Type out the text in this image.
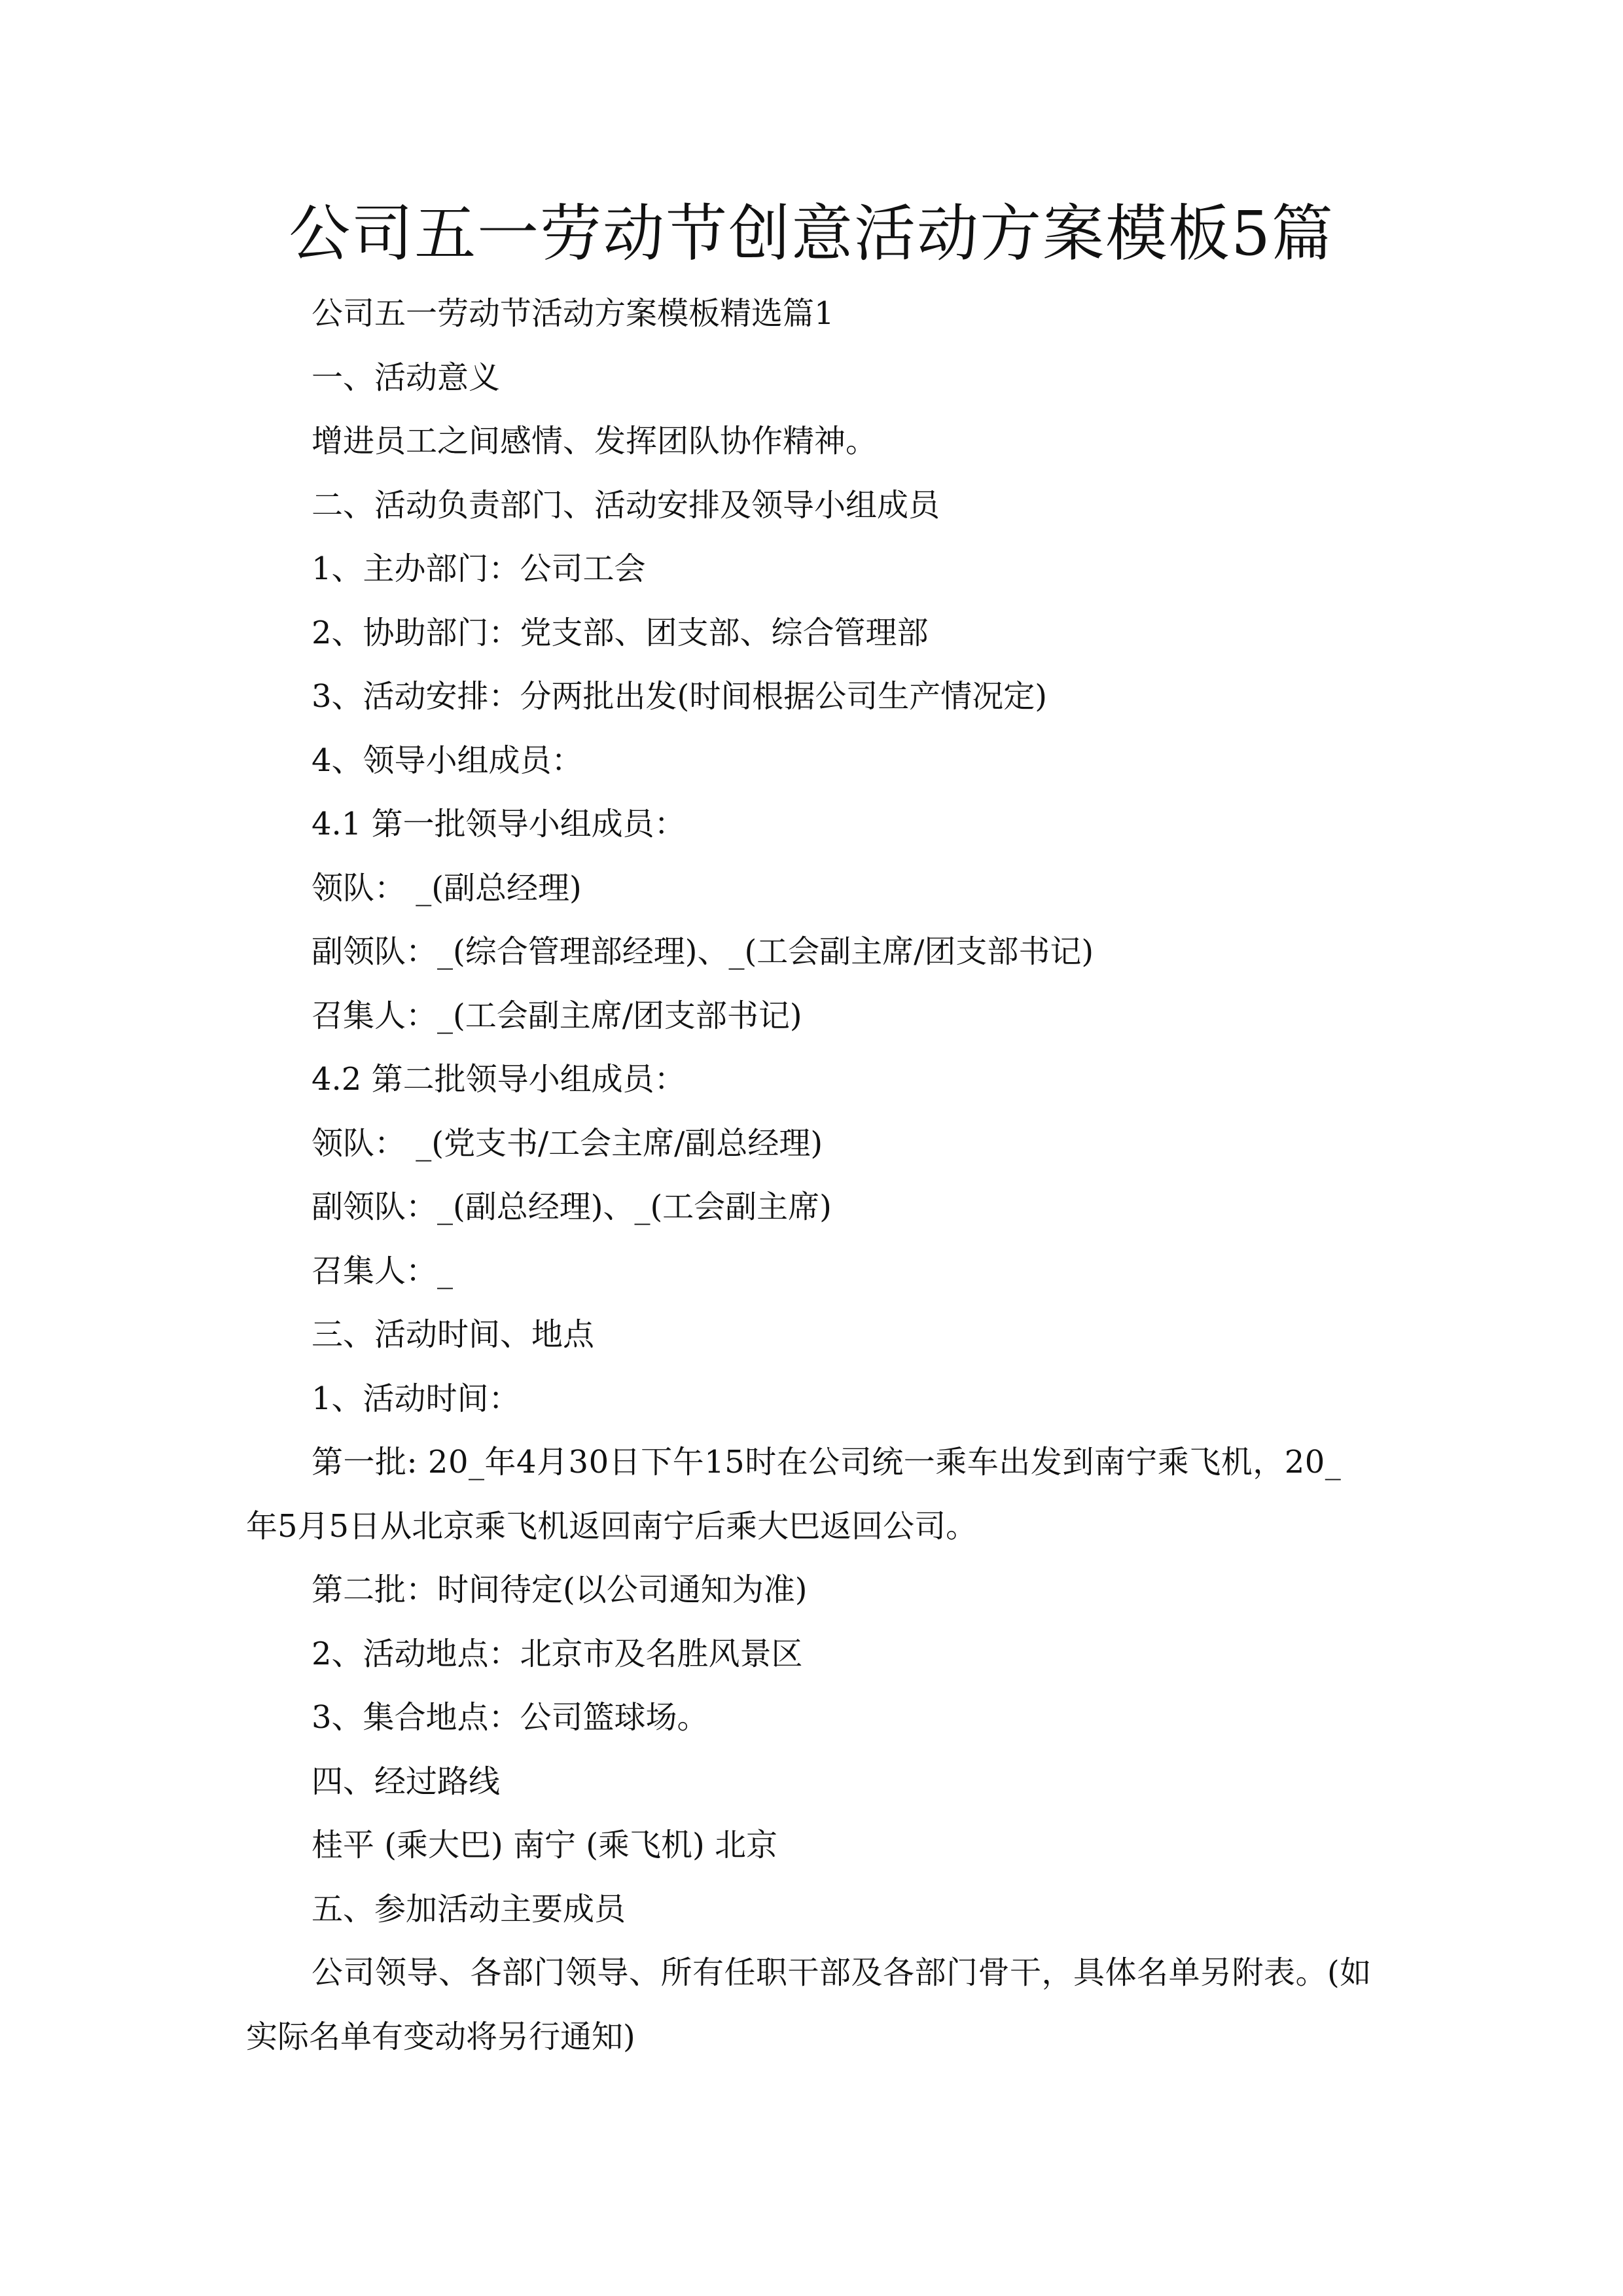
公司五一劳动节创意活动方案模板5篇

公司五一劳动节活动方案模板精选篇1

一、活动意义

增进员工之间感情、发挥团队协作精神。

二、活动负责部门、活动安排及领导小组成员

1、主办部门：公司工会

2、协助部门：党支部、团支部、综合管理部

3、活动安排：分两批出发(时间根据公司生产情况定)

4、领导小组成员：

4.1 第一批领导小组成员：

领队： _(副总经理)

副领队：_(综合管理部经理)、_(工会副主席/团支部书记)

召集人：_(工会副主席/团支部书记)

4.2 第二批领导小组成员：

领队： _(党支书/工会主席/副总经理)

副领队：_(副总经理)、_(工会副主席)

召集人：_

三、活动时间、地点

1、活动时间：

第一批: 20_年4月30日下午15时在公司统一乘车出发到南宁乘飞机，20_

年5月5日从北京乘飞机返回南宁后乘大巴返回公司。

第二批：时间待定(以公司通知为准)

2、活动地点：北京市及名胜风景区

3、集合地点：公司篮球场。

四、经过路线

桂平 (乘大巴) 南宁 (乘飞机) 北京

五、参加活动主要成员

公司领导、各部门领导、所有任职干部及各部门骨干，具体名单另附表。(如

实际名单有变动将另行通知)
